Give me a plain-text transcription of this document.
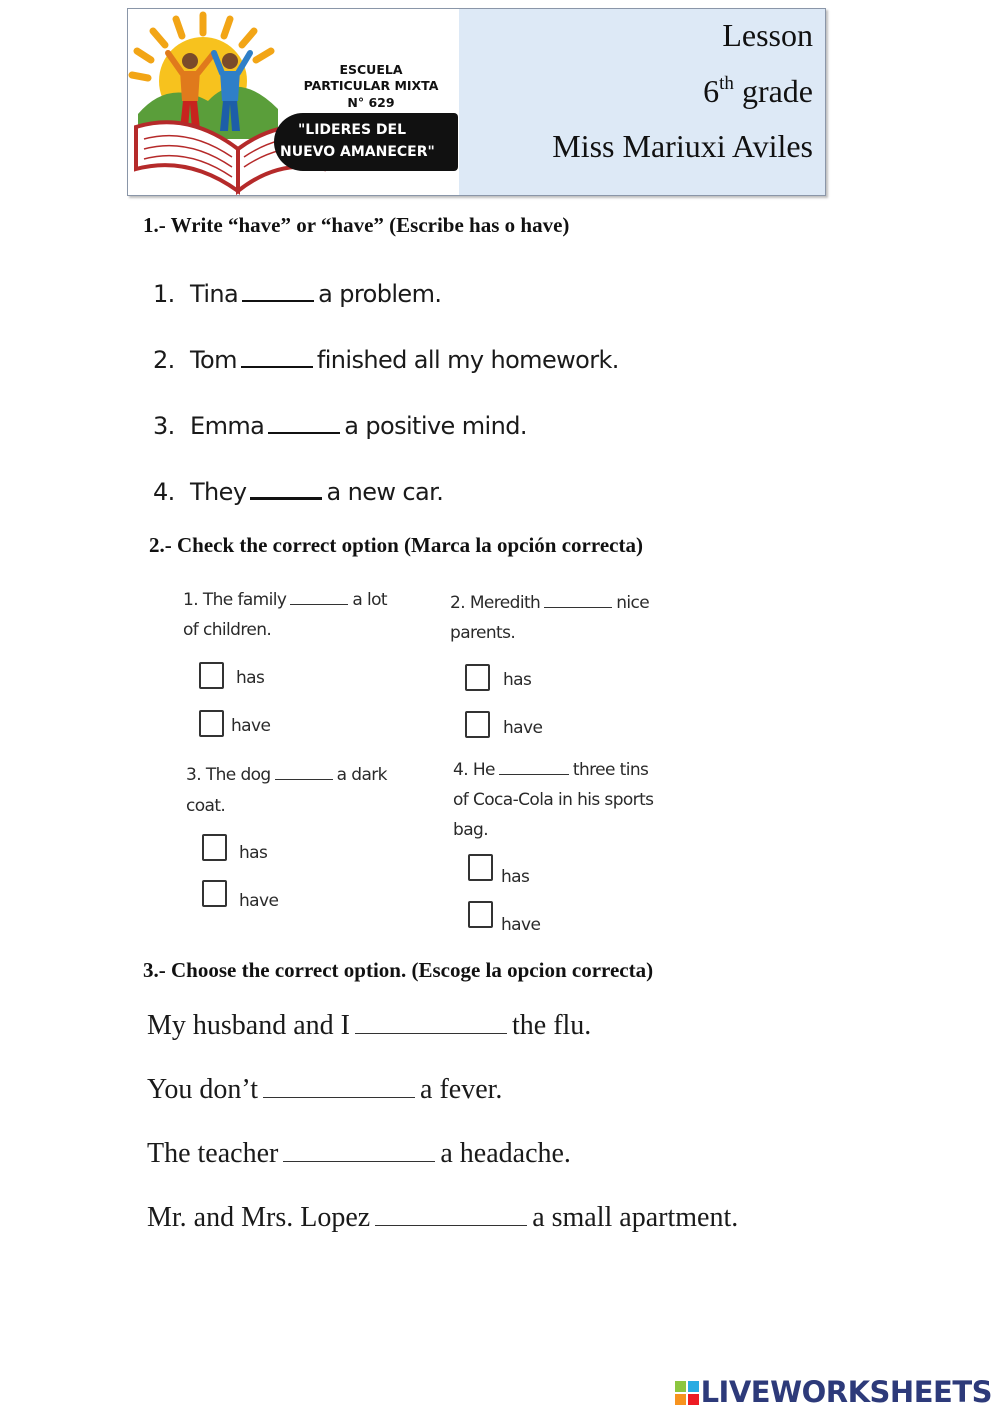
ESCUELA
PARTICULAR MIXTA
N° 629
"LIDERES DEL
NUEVO AMANECER"
Lesson
6th grade
Miss Mariuxi Aviles
1.- Write “have” or “have” (Escribe has o have)
1. Tina	a problem.
2. Tom	finished all my homework.
3. Emma	a positive mind.
4. They	a new car.
2.- Check the correct option (Marca la opción correcta)
1. The family	a lot
of children.
has
have
2. Meredith	nice
parents.
has
have
3. The dog	a dark
coat.
has
have
4. He	three tins
of Coca-Cola in his sports
bag.
has
have
3.- Choose the correct option. (Escoge la opcion correcta)
My husband and I	the flu.
You don’t	a fever.
The teacher	a headache.
Mr. and Mrs. Lopez	a small apartment.
LIVEWORKSHEETS
